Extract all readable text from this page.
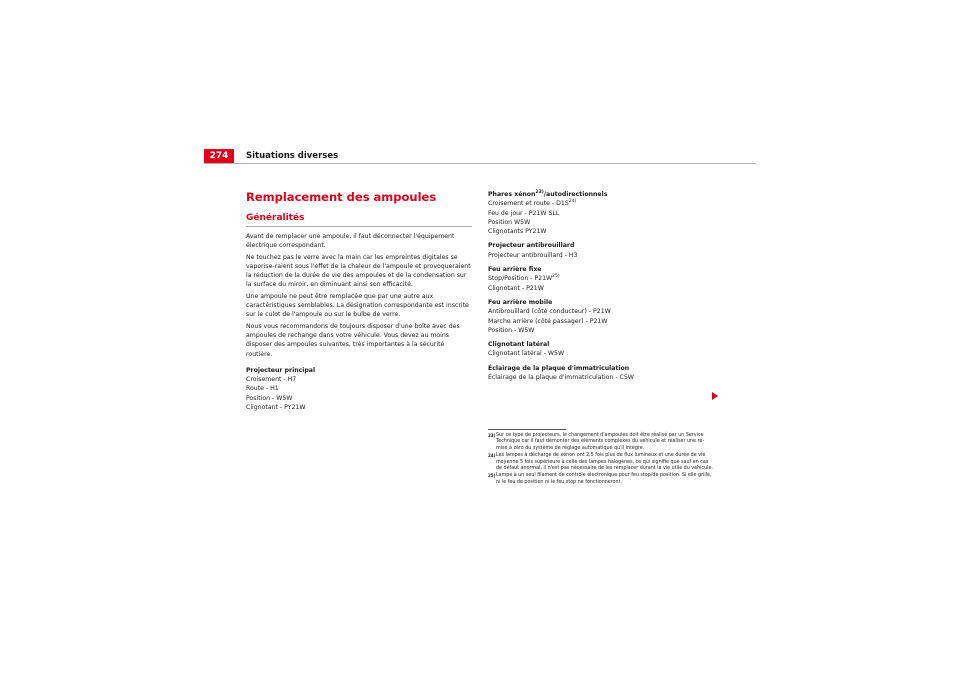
274	Situations diverses
Remplacement des ampoules
Généralités

Avant de remplacer une ampoule, il faut déconnecter l'équipement électrique correspondant.

Ne touchez pas le verre avec la main car les empreintes digitales se vaporise-raient sous l'effet de la chaleur de l'ampoule et provoqueraient la réduction de la durée de vie des ampoules et de la condensation sur la surface du miroir, en diminuant ainsi son efficacité.

Une ampoule ne peut être remplacée que par une autre aux caractéristiques semblables. La désignation correspondante est inscrite sur le culot de l'ampoule ou sur le bulbe de verre.

Nous vous recommandons de toujours disposer d'une boîte avec des ampoules de rechange dans votre véhicule. Vous devez au moins disposer des ampoules suivantes, très importantes à la sécurité routière.

Projecteur principal

Croisement - H7

Route - H1

Position - W5W

Clignotant - PY21W

Phares xénon$^{23)}$/autodirectionnels

Croisement et route - $D1S^{24)}$

Feu de jour - P21W SLL

Position W5W

Clignotants PY21W

Projecteur antibrouillard

Projecteur antibrouillard - H3

Feu arrière fixe

Stop/Position - $P21W^{25)}$

Clignotant - P21W

Feu arrière mobile

Antibrouillard (côté conducteur) - P21W

Marche arrière (côté passager) - P21W

Position - W5W

Clignotant latéral

Clignotant latéral - W5W

Éclairage de la plaque d'immatriculation

Éclairage de la plaque d'immatriculation - C5W

23) Sur ce type de projecteurs, le changement d'ampoules doit être réalisé par un Service Technique car il faut démonter des éléments complexes du véhicule et réaliser une re-mise à zéro du système de réglage automatique qu'il intègre.
24) Les lampes à décharge de xénon ont 2,5 fois plus de flux lumineux et une durée de vie moyenne 5 fois supérieure à celle des lampes halogènes, ce qui signifie que sauf en cas de défaut anormal, il n'est pas nécessaire de les remplacer durant la vie utile du véhicule.
25) Lampe à un seul filament de contrôle électronique pour feu stop/de position. Si elle grille, ni le feu de position ni le feu stop ne fonctionneront.
